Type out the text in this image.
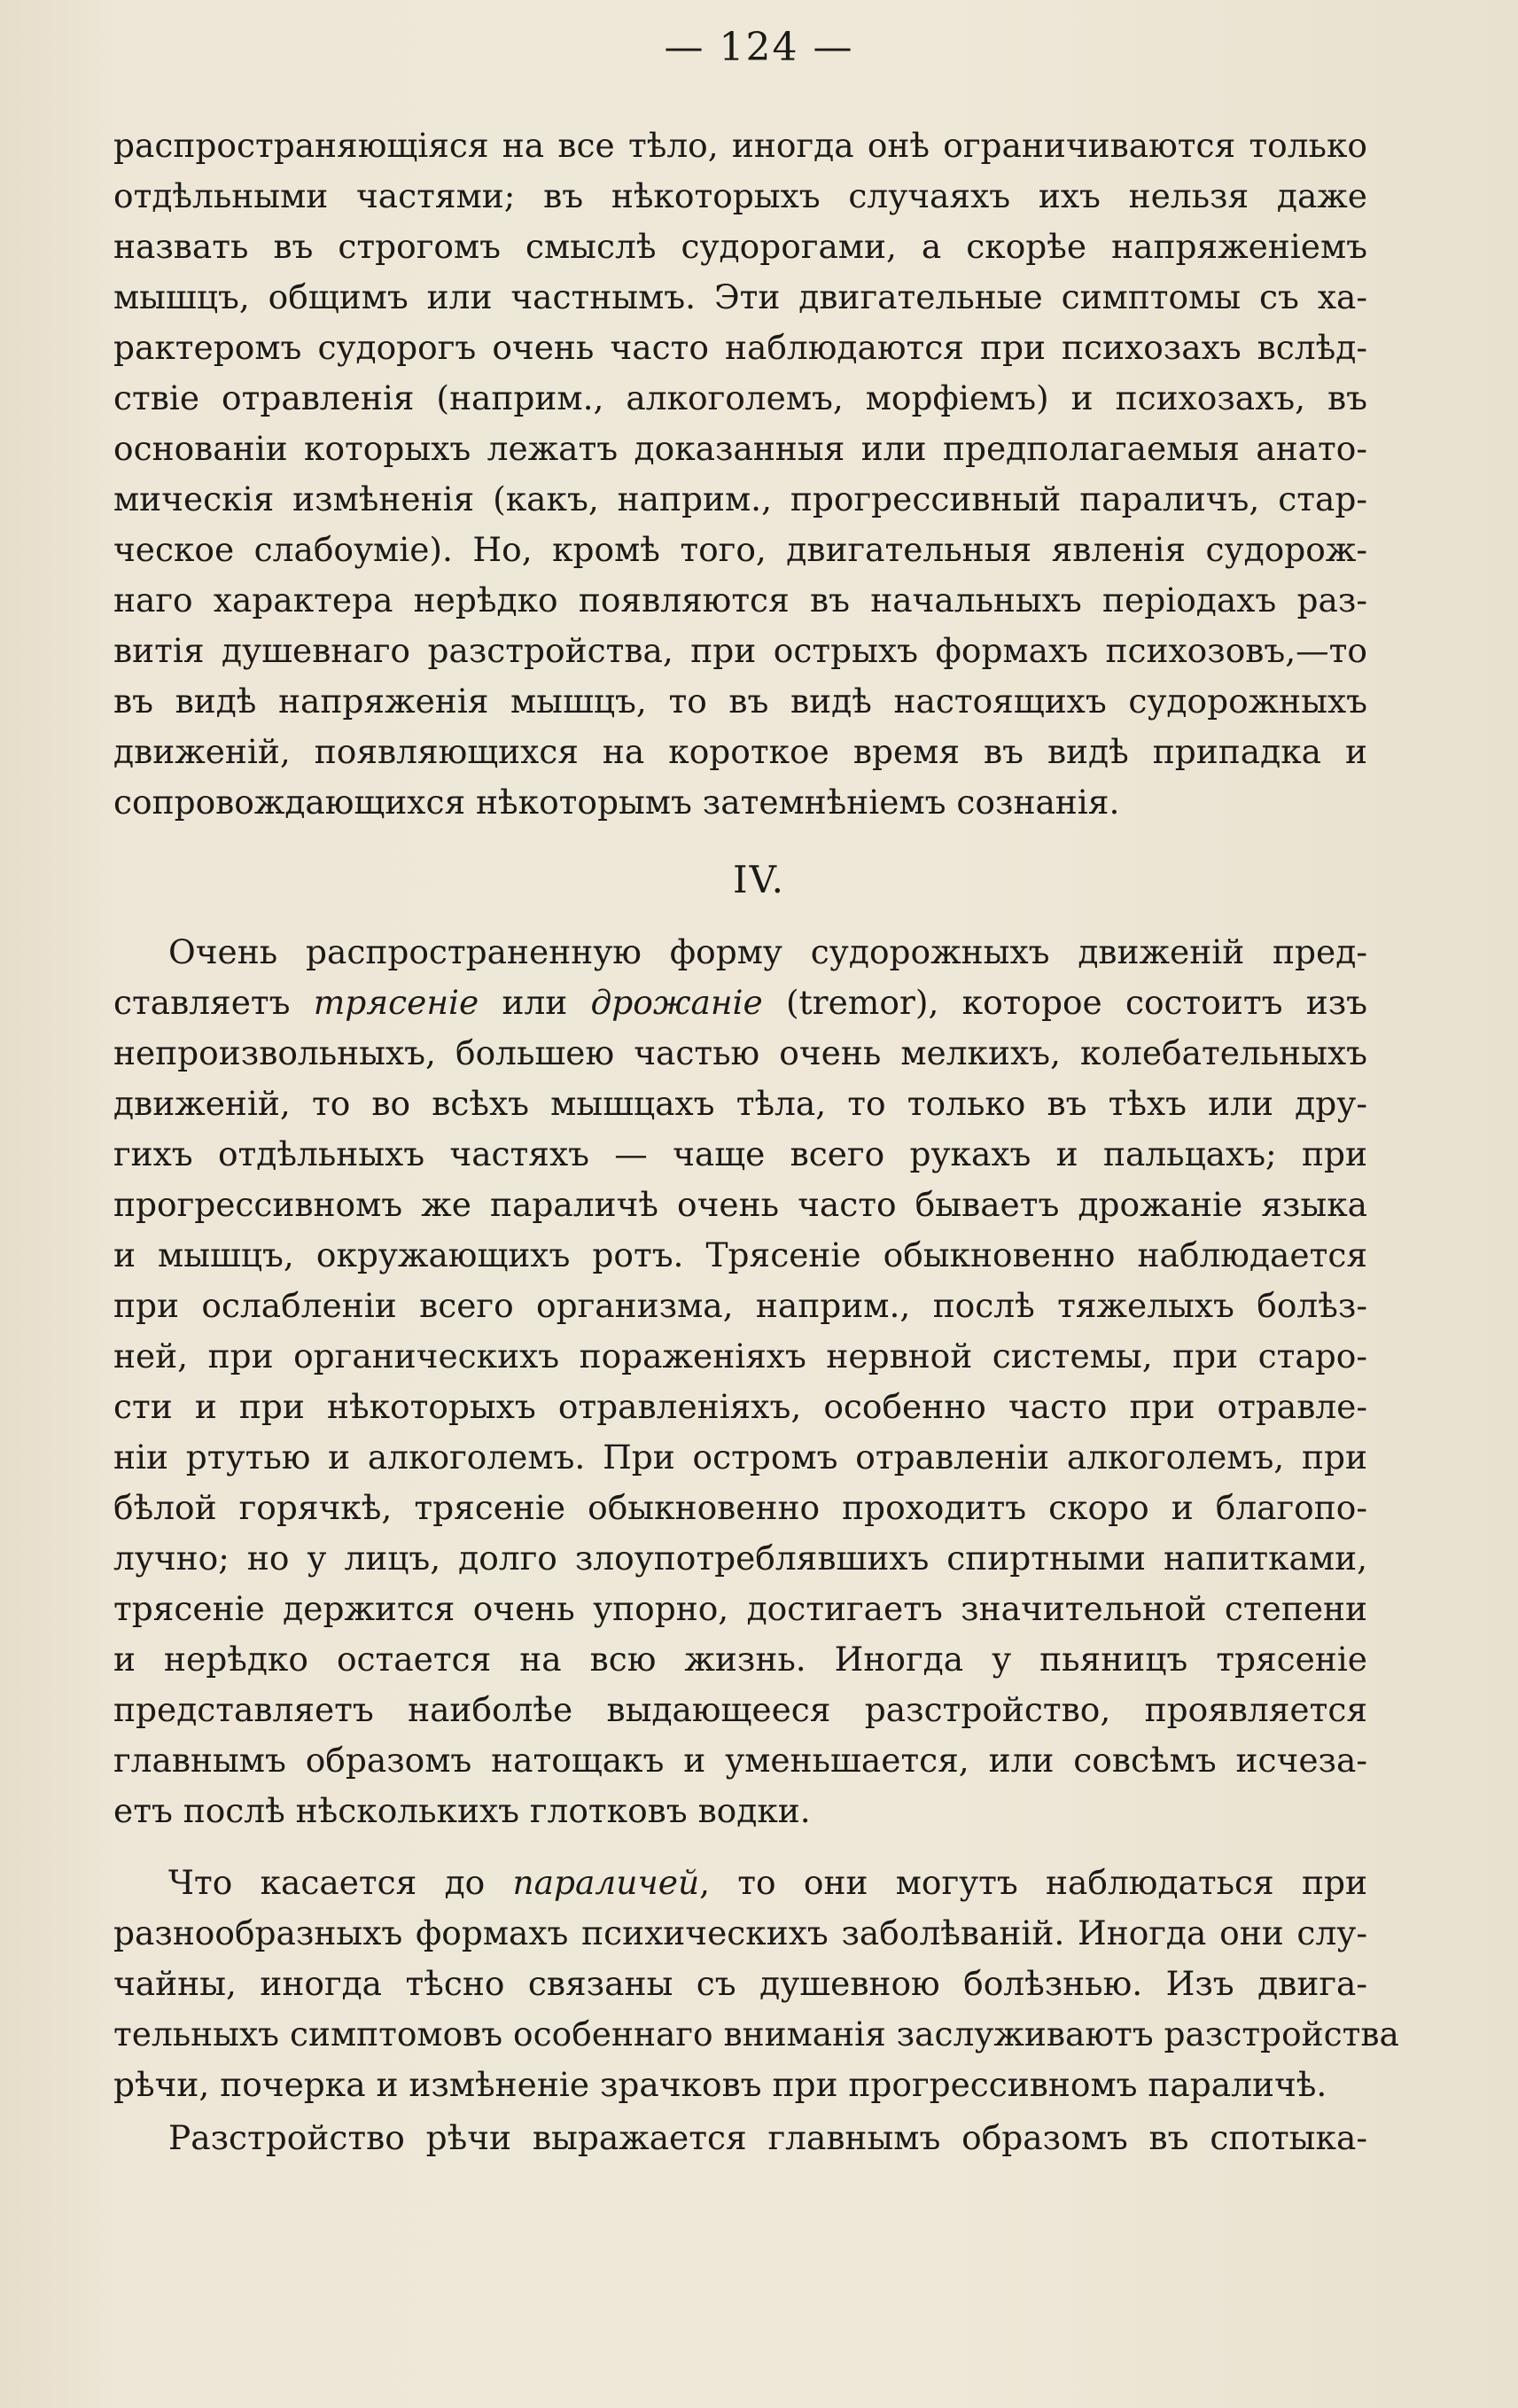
— 124 —

распространяющіяся на все тѣло, иногда онѣ ограничиваются только
отдѣльными частями; въ нѣкоторыхъ случаяхъ ихъ нельзя даже
назвать въ строгомъ смыслѣ судорогами, а скорѣе напряженіемъ
мышцъ, общимъ или частнымъ. Эти двигательные симптомы съ ха-
рактеромъ судорогъ очень часто наблюдаются при психозахъ вслѣд-
ствіе отравленія (наприм., алкоголемъ, морфіемъ) и психозахъ, въ
основаніи которыхъ лежатъ доказанныя или предполагаемыя анато-
мическія измѣненія (какъ, наприм., прогрессивный параличъ, стар-
ческое слабоуміе). Но, кромѣ того, двигательныя явленія судорож-
наго характера нерѣдко появляются въ начальныхъ періодахъ раз-
витія душевнаго разстройства, при острыхъ формахъ психозовъ,—то
въ видѣ напряженія мышцъ, то въ видѣ настоящихъ судорожныхъ
движеній, появляющихся на короткое время въ видѣ припадка и
сопровождающихся нѣкоторымъ затемнѣніемъ сознанія.

IV.

Очень распространенную форму судорожныхъ движеній пред-
ставляетъ трясеніе или дрожаніе (tremor), которое состоитъ изъ
непроизвольныхъ, большею частью очень мелкихъ, колебательныхъ
движеній, то во всѣхъ мышцахъ тѣла, то только въ тѣхъ или дру-
гихъ отдѣльныхъ частяхъ — чаще всего рукахъ и пальцахъ; при
прогрессивномъ же параличѣ очень часто бываетъ дрожаніе языка
и мышцъ, окружающихъ ротъ. Трясеніе обыкновенно наблюдается
при ослабленіи всего организма, наприм., послѣ тяжелыхъ болѣз-
ней, при органическихъ пораженіяхъ нервной системы, при старо-
сти и при нѣкоторыхъ отравленіяхъ, особенно часто при отравле-
ніи ртутью и алкоголемъ. При остромъ отравленіи алкоголемъ, при
бѣлой горячкѣ, трясеніе обыкновенно проходитъ скоро и благопо-
лучно; но у лицъ, долго злоупотреблявшихъ спиртными напитками,
трясеніе держится очень упорно, достигаетъ значительной степени
и нерѣдко остается на всю жизнь. Иногда у пьяницъ трясеніе
представляетъ наиболѣе выдающееся разстройство, проявляется
главнымъ образомъ натощакъ и уменьшается, или совсѣмъ исчеза-
етъ послѣ нѣсколькихъ глотковъ водки.

Что касается до параличей, то они могутъ наблюдаться при
разнообразныхъ формахъ психическихъ заболѣваній. Иногда они слу-
чайны, иногда тѣсно связаны съ душевною болѣзнью. Изъ двига-
тельныхъ симптомовъ особеннаго вниманія заслуживаютъ разстройства
рѣчи, почерка и измѣненіе зрачковъ при прогрессивномъ параличѣ.

Разстройство рѣчи выражается главнымъ образомъ въ спотыка-
